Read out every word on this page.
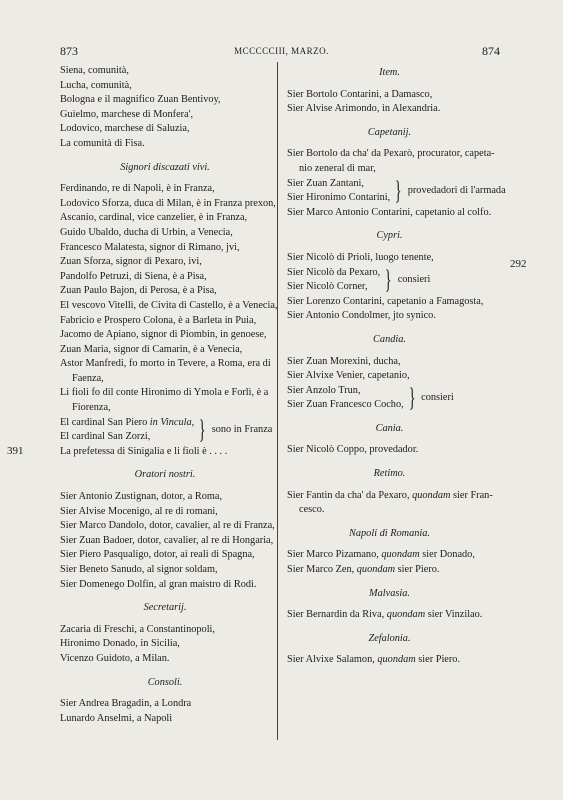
873	MCCCCCIII, MARZO.	874
391
292
Siena, comunità,
Lucha, comunità,
Bologna e il magnifico Zuan Bentivoy,
Guielmo, marchese di Monfera',
Lodovico, marchese di Saluzia,
La comunità di Fisa.
Signori discazati vivi.
Ferdinando, re di Napoli, è in Franza,
Lodovico Sforza, duca di Milan, è in Franza prexon,
Ascanio, cardinal, vice canzelier, è in Franza,
Guido Ubaldo, ducha di Urbin, a Venecia,
Francesco Malatesta, signor di Rimano, jvi,
Zuan Sforza, signor di Pexaro, ivi,
Pandolfo Petruzi, di Siena, è a Pisa,
Zuan Paulo Bajon, di Perosa, è a Pisa,
El vescovo Vitelli, de Civita di Castello, è a Venecia,
Fabricio e Prospero Colona, è a Barleta in Puia,
Jacomo de Apiano, signor di Piombin, in genoese,
Zuan Maria, signor di Camarin, è a Venecia,
Astor Manfredi, fo morto in Tevere, a Roma, era di
Faenza,
Li fioli fo dil conte Hironimo di Ymola e Forlì, è a
Fiorenza,
El cardinal San Piero in Vincula,
El cardinal San Zorzi,	} sono in Franza
La prefetessa di Sinigalia e li fioli è . . . .
Oratori nostri.
Sier Antonio Zustignan, dotor, a Roma,
Sier Alvise Mocenigo, al re di romani,
Sier Marco Dandolo, dotor, cavalier, al re di Franza,
Sier Zuan Badoer, dotor, cavalier, al re di Hongaria,
Sier Piero Pasqualigo, dotor, ai reali di Spagna,
Sier Beneto Sanudo, al signor soldam,
Sier Domenego Dolfin, al gran maistro di Rodi.
Secretarij.
Zacaria di Freschi, a Constantinopoli,
Hironimo Donado, in Sicilia,
Vicenzo Guidoto, a Milan.
Consoli.
Sier Andrea Bragadin, a Londra
Lunardo Anselmi, a Napoli
Item.
Sier Bortolo Contarini, a Damasco,
Sier Alvise Arimondo, in Alexandria.
Capetanij.
Sier Bortolo da cha' da Pexarò, procurator, capeta-
nio zeneral di mar,
Sier Zuan Zantani,
Sier Hironimo Contarini, } provedadori di l'armada
Sier Marco Antonio Contarini, capetanio al colfo.
Cypri.
Sier Nicolò di Prioli, luogo tenente,
Sier Nicolò da Pexaro,
Sier Nicolò Corner, } consieri
Sier Lorenzo Contarini, capetanio a Famagosta,
Sier Antonio Condolmer, jto synico.
Candia.
Sier Zuan Morexini, ducha,
Sier Alvixe Venier, capetanio,
Sier Anzolo Trun,
Sier Zuan Francesco Cocho, } consieri
Cania.
Sier Nicolò Coppo, provedador.
Retimo.
Sier Fantin da cha' da Pexaro, quondam sier Fran-
cesco.
Napoli di Romania.
Sier Marco Pizamano, quondam sier Donado,
Sier Marco Zen, quondam sier Piero.
Malvasia.
Sier Bernardin da Riva, quondam sier Vinzilao.
Zefalonia.
Sier Alvixe Salamon, quondam sier Piero.
